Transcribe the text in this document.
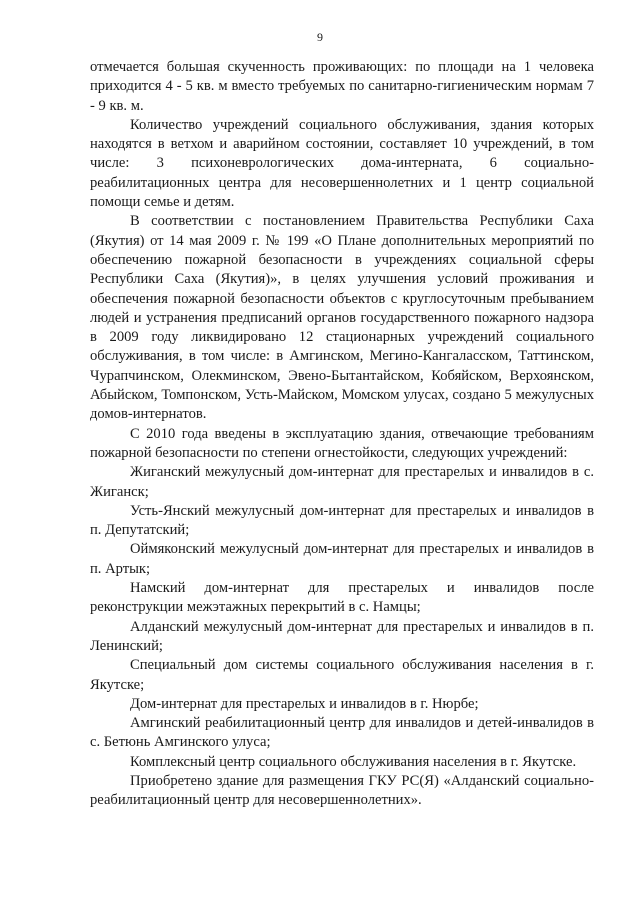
9

отмечается большая скученность проживающих: по площади на 1 человека приходится 4 - 5 кв. м вместо требуемых по санитарно-гигиеническим нормам 7 - 9 кв. м.

Количество учреждений социального обслуживания, здания которых находятся в ветхом и аварийном состоянии, составляет 10 учреждений, в том числе: 3 психоневрологических дома-интерната, 6 социально-реабилитационных центра для несовершеннолетних и 1 центр социальной помощи семье и детям.

В соответствии с постановлением Правительства Республики Саха (Якутия) от 14 мая 2009 г. № 199 «О Плане дополнительных мероприятий по обеспечению пожарной безопасности в учреждениях социальной сферы Республики Саха (Якутия)», в целях улучшения условий проживания и обеспечения пожарной безопасности объектов с круглосуточным пребыванием людей и устранения предписаний органов государственного пожарного надзора в 2009 году ликвидировано 12 стационарных учреждений социального обслуживания, в том числе: в Амгинском, Мегино-Кангаласском, Таттинском, Чурапчинском, Олекминском, Эвено-Бытантайском, Кобяйском, Верхоянском, Абыйском, Томпонском, Усть-Майском, Момском улусах, создано 5 межулусных домов-интернатов.

С 2010 года введены в эксплуатацию здания, отвечающие требованиям пожарной безопасности по степени огнестойкости, следующих учреждений:

Жиганский межулусный дом-интернат для престарелых и инвалидов в с. Жиганск;

Усть-Янский межулусный дом-интернат для престарелых и инвалидов в п. Депутатский;

Оймяконский межулусный дом-интернат для престарелых и инвалидов в п. Артык;

Намский дом-интернат для престарелых и инвалидов после реконструкции межэтажных перекрытий в с. Намцы;

Алданский межулусный дом-интернат для престарелых и инвалидов в п. Ленинский;

Специальный дом системы социального обслуживания населения в г. Якутске;

Дом-интернат для престарелых и инвалидов в г. Нюрбе;

Амгинский реабилитационный центр для инвалидов и детей-инвалидов в с. Бетюнь Амгинского улуса;

Комплексный центр социального обслуживания населения в г. Якутске.

Приобретено здание для размещения ГКУ РС(Я) «Алданский социально-реабилитационный центр для несовершеннолетних».
